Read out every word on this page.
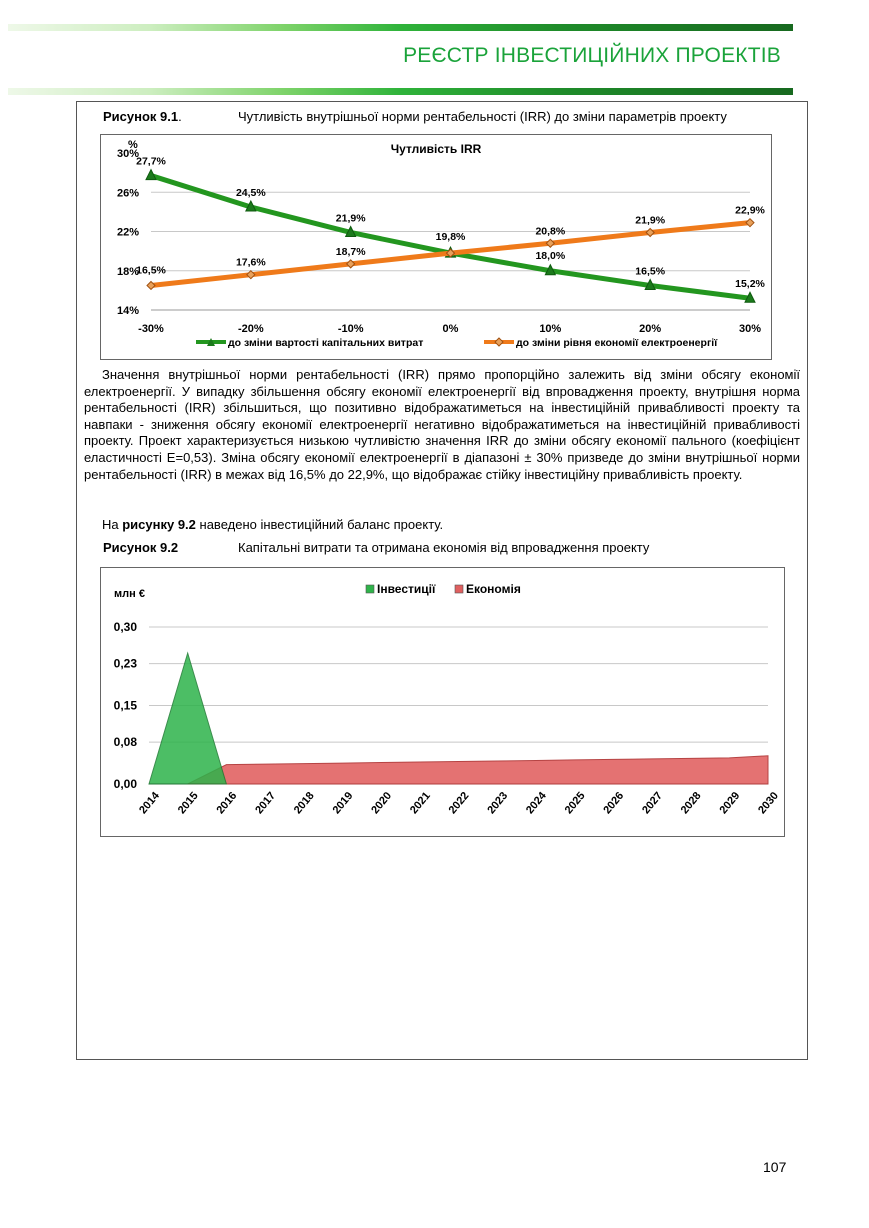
РЕЄСТР ІНВЕСТИЦІЙНИХ ПРОЕКТІВ
Рисунок 9.1.	Чутливість внутрішньої норми рентабельності (IRR) до зміни параметрів проекту
Чутливість IRR
%
30%
26%
22%
18%
14%
-30%	-20%	-10%	0%	10%	20%	30%
27,7%
24,5%
21,9%
19,8%
18,0%
16,5%
15,2%
16,5%
17,6%
18,7%
20,8%
21,9%
22,9%
до зміни вартості капітальних витрат	до зміни рівня економії електроенергії

Значення внутрішньої норми рентабельності (IRR) прямо пропорційно залежить від зміни обсягу економії електроенергії. У випадку збільшення обсягу економії електроенергії від впровадження проекту, внутрішня норма рентабельності (IRR) збільшиться, що позитивно відображатиметься на інвестиційній привабливості проекту та навпаки - зниження обсягу економії електроенергії негативно відображатиметься на інвестиційній привабливості проекту. Проект характеризується низькою чутливістю значення IRR до зміни обсягу економії пального (коефіцієнт еластичності Е=0,53). Зміна обсягу економії електроенергії в діапазоні ± 30% призведе до зміни внутрішньої норми рентабельності (IRR) в межах від 16,5% до 22,9%, що відображає стійку інвестиційну привабливість проекту.

На рисунку 9.2 наведено інвестиційний баланс проекту.
Рисунок 9.2	Капітальні витрати та отримана економія від впровадження проекту
млн €
0,30
0,23
0,15
0,08
0,00
Інвестиції	Економія
2014 2015 2016 2017 2018 2019 2020 2021 2022 2023 2024 2025 2026 2027 2028 2029 2030
107
